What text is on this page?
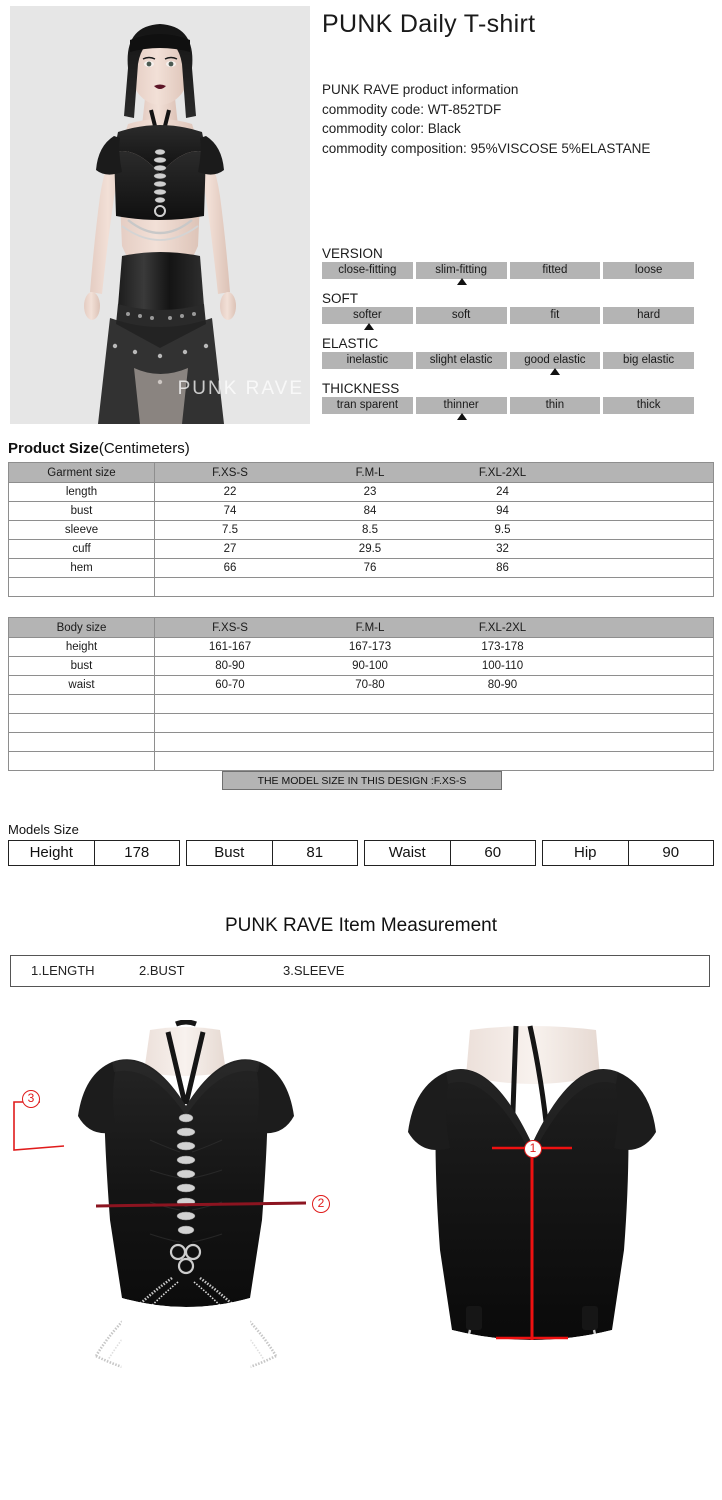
PUNK RAVE
PUNK Daily T-shirt
PUNK RAVE product information
commodity code: WT-852TDF
commodity color: Black
commodity composition: 95%VISCOSE 5%ELASTANE
VERSION
close-fitting	slim-fitting	fitted	loose
SOFT
softer	soft	fit	hard
ELASTIC
inelastic	slight elastic	good elastic	big elastic
THICKNESS
tran sparent	thinner	thin	thick
Product Size(Centimeters)
Garment size	F.XS-S F.M-L F.XL-2XL

length	22 23 24

bust	74 84 94

sleeve	7.5 8.5 9.5

cuff	27 29.5 32

hem	66 76 86

Body size	F.XS-S F.M-L F.XL-2XL

height	161-167 167-173 173-178

bust	80-90 90-100 100-110

waist	60-70 70-80 80-90

THE MODEL SIZE IN THIS DESIGN :F.XS-S
Models Size
Height	178	Bust	81	Waist	60	Hip	90
PUNK RAVE Item Measurement
1.LENGTH	2.BUST	3.SLEEVE
3
2
1
